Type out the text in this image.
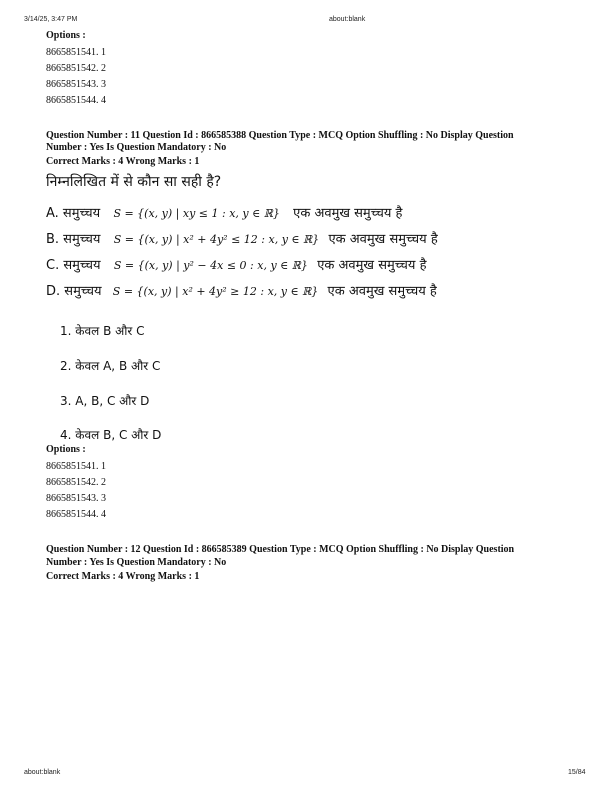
3/14/25, 3:47 PM	about:blank
Options :
8665851541. 1
8665851542. 2
8665851543. 3
8665851544. 4
Question Number : 11 Question Id : 866585388 Question Type : MCQ Option Shuffling : No Display Question
Number : Yes Is Question Mandatory : No
Correct Marks : 4 Wrong Marks : 1
निम्नलिखित में से कौन सा सही है?
A. समुच्चय S = {(x, y) | xy ≤ 1 : x, y ∈ ℝ} एक अवमुख समुच्चय है
B. समुच्चय S = {(x, y) | x² + 4y² ≤ 12 : x, y ∈ ℝ} एक अवमुख समुच्चय है
C. समुच्चय S = {(x, y) | y² − 4x ≤ 0 : x, y ∈ ℝ} एक अवमुख समुच्चय है
D. समुच्चय S = {(x, y) | x² + 4y² ≥ 12 : x, y ∈ ℝ} एक अवमुख समुच्चय है
1. केवल B और C
2. केवल A, B और C
3. A, B, C और D
4. केवल B, C और D
Options :
8665851541. 1
8665851542. 2
8665851543. 3
8665851544. 4
Question Number : 12 Question Id : 866585389 Question Type : MCQ Option Shuffling : No Display Question
Number : Yes Is Question Mandatory : No
Correct Marks : 4 Wrong Marks : 1
about:blank	15/84
